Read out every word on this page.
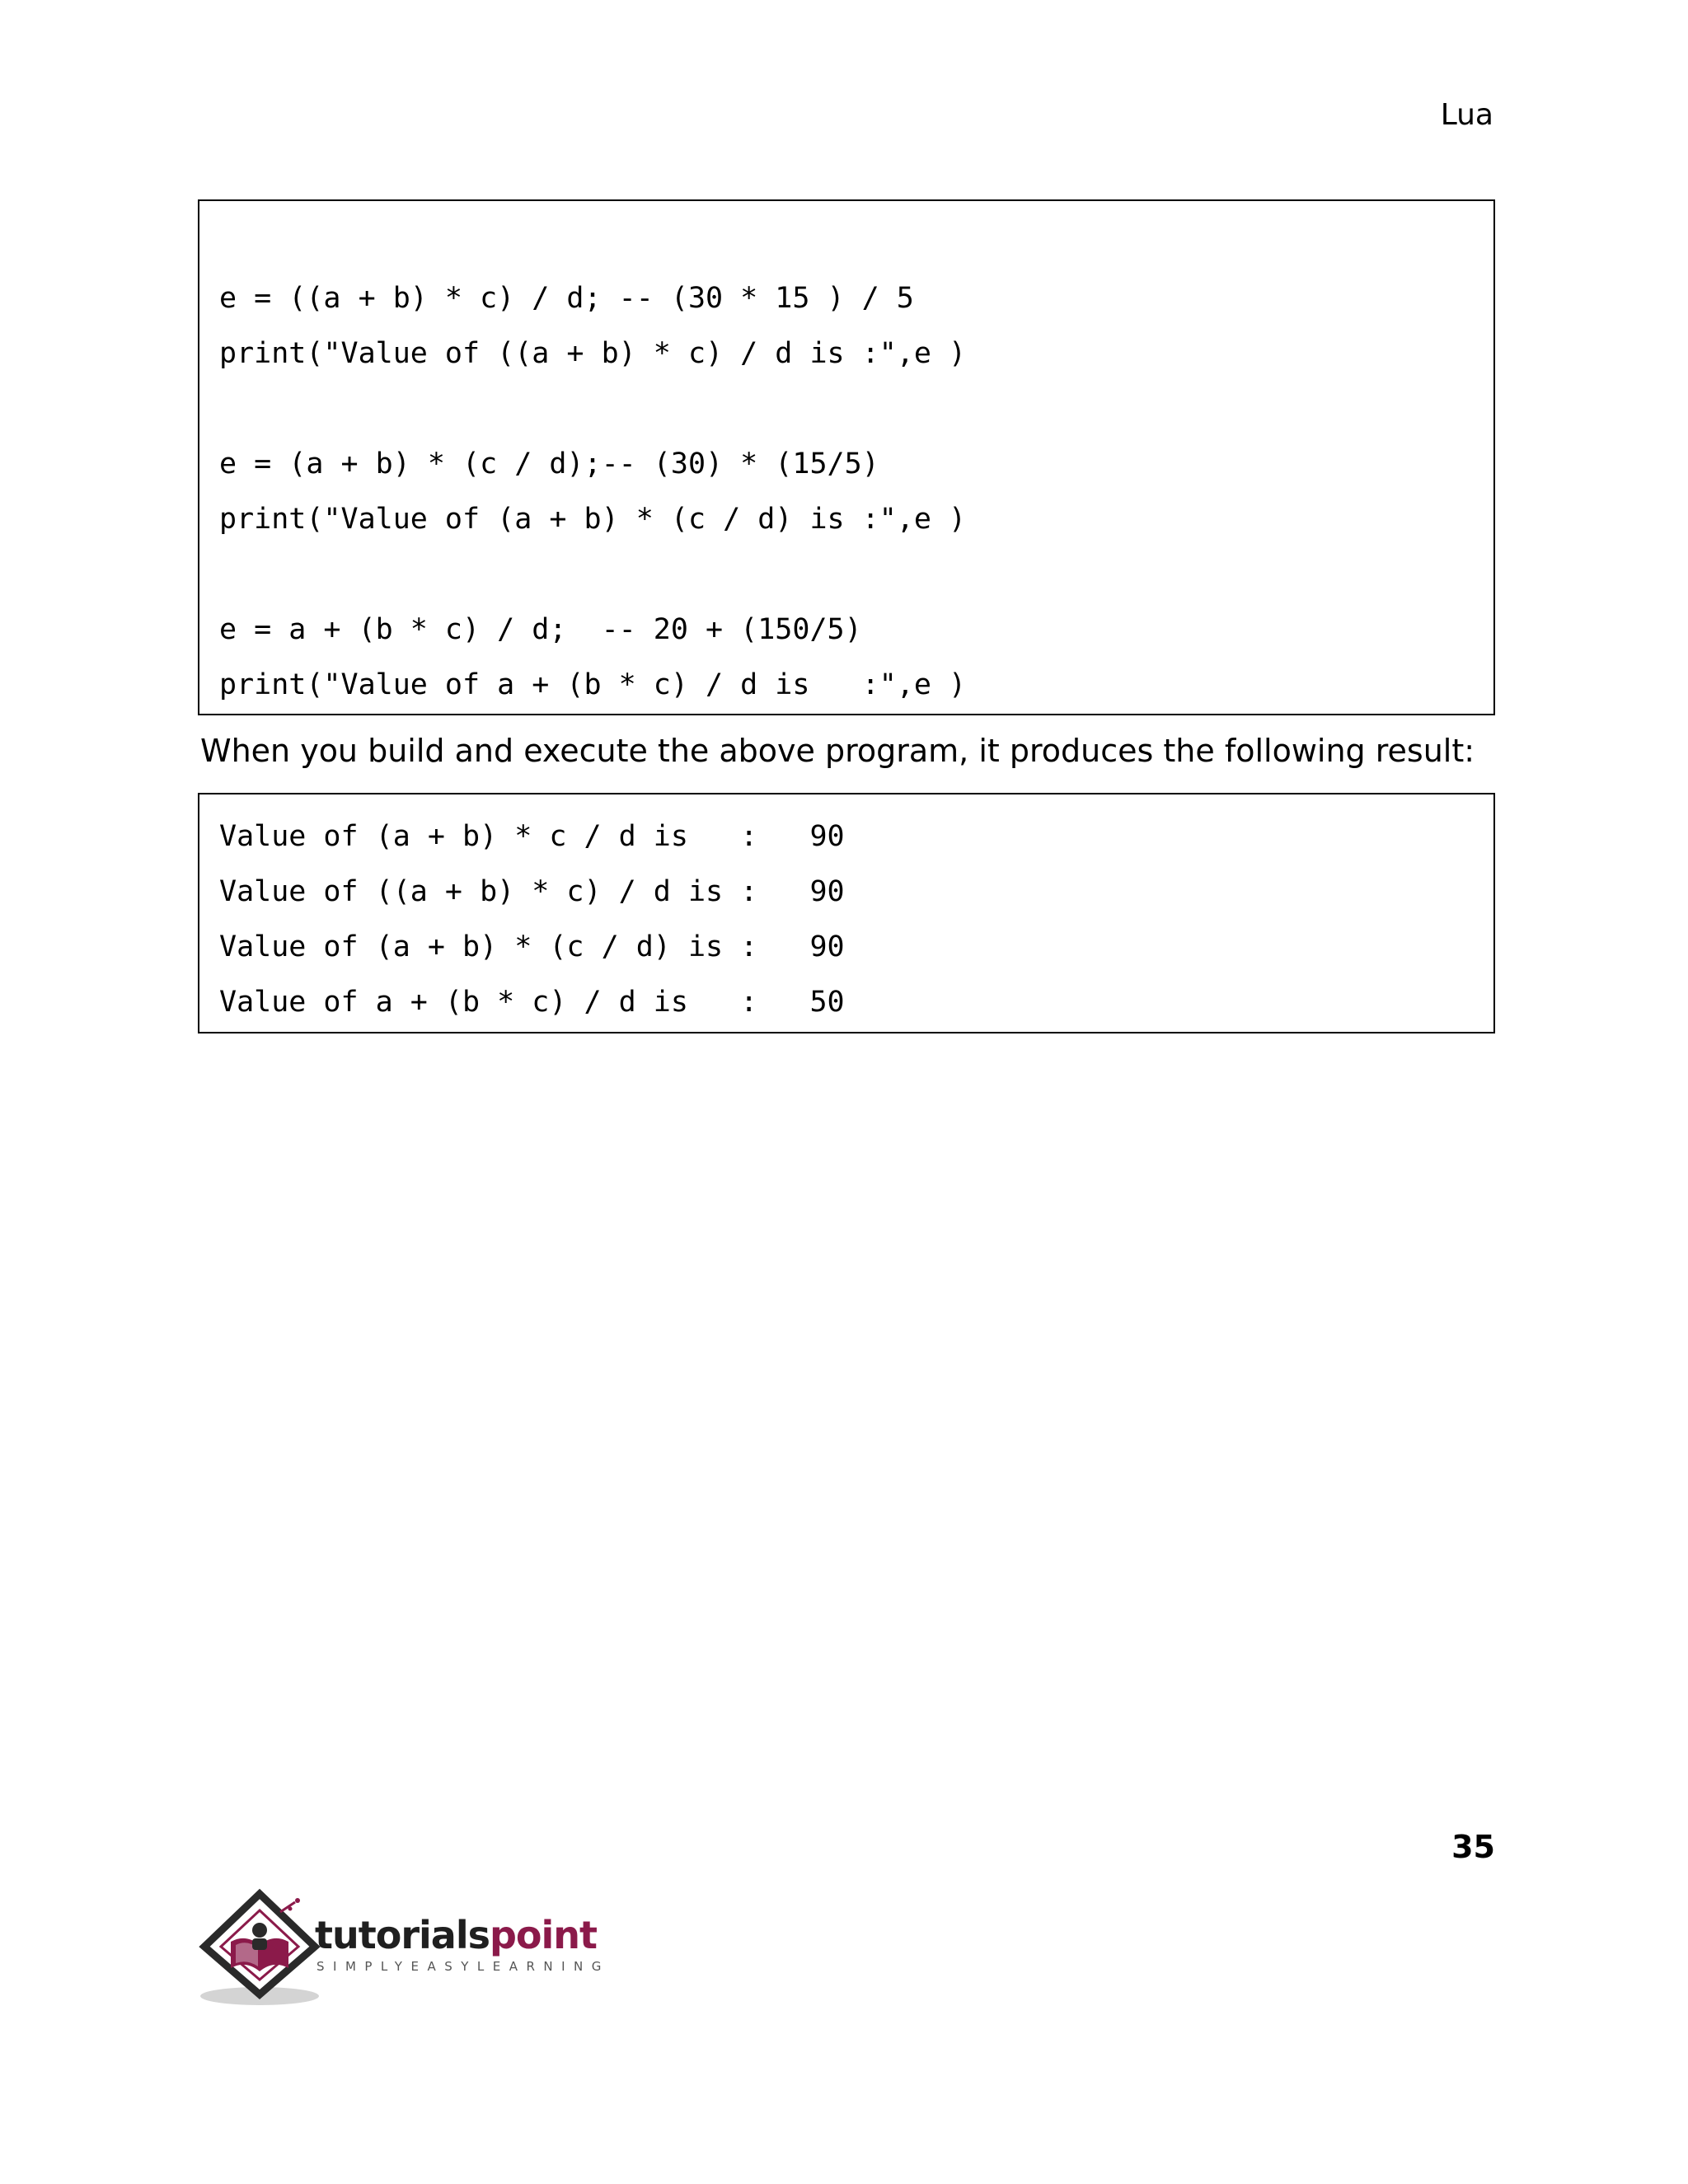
Lua
e = ((a + b) * c) / d; -- (30 * 15 ) / 5
print("Value of ((a + b) * c) / d is :",e )
e = (a + b) * (c / d);-- (30) * (15/5)
print("Value of (a + b) * (c / d) is :",e )
e = a + (b * c) / d;  -- 20 + (150/5)
print("Value of a + (b * c) / d is   :",e )
When you build and execute the above program, it produces the following result:
Value of (a + b) * c / d is   :   90
Value of ((a + b) * c) / d is :   90
Value of (a + b) * (c / d) is :   90
Value of a + (b * c) / d is   :   50
35
tutorialspoint
SIMPLYEASYLEARNING
